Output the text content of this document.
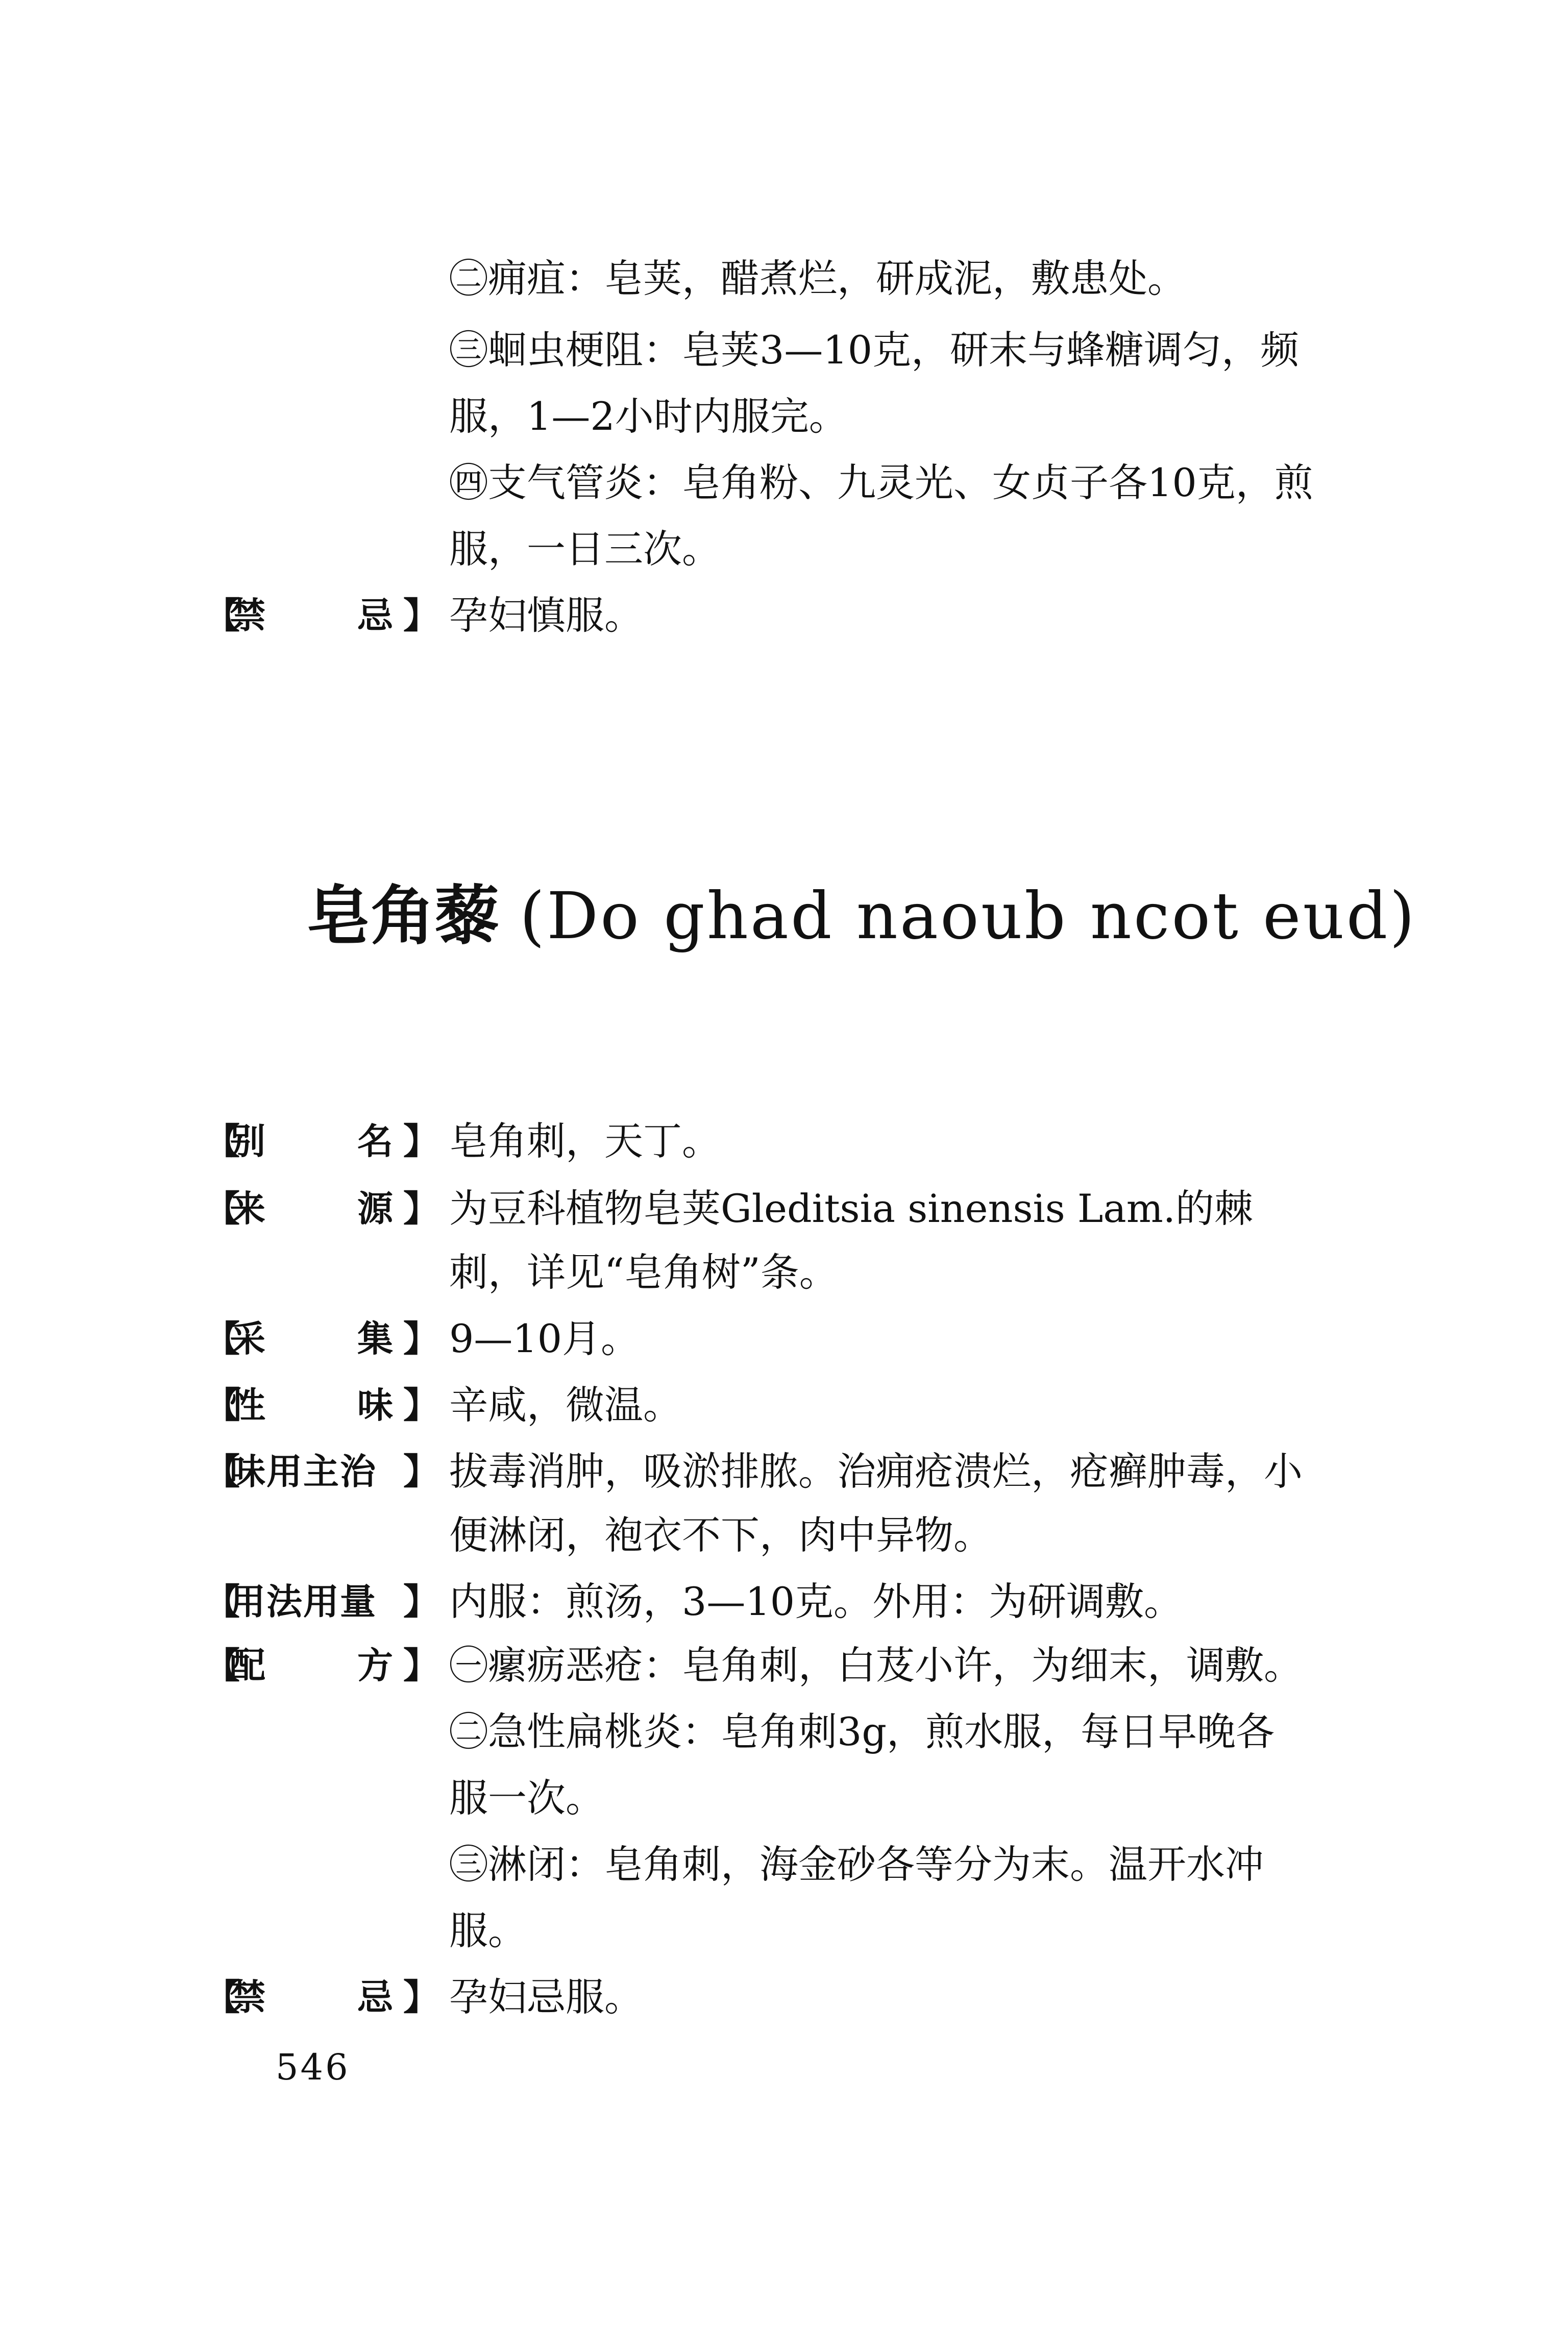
㊁痈疽：皂荚，醋煮烂，研成泥，敷患处。
㊂蛔虫梗阻：皂荚3—10克，研末与蜂糖调匀，频
服，1—2小时内服完。
㊃支气管炎：皂角粉、九灵光、女贞子各10克，煎
服，一日三次。
【
禁	忌 】 孕妇慎服。
皂角藜 (Do ghad naoub ncot eud)
【
别	名 】 皂角刺，天丁。
【
来	源 】 为豆科植物皂荚Gleditsia sinensis Lam.的棘
刺，详见“皂角树”条。
【
采	集 】 9—10月。
【
性	味 】 辛咸，微温。
【
味用主治 】 拔毒消肿，吸淤排脓。治痈疮溃烂，疮癣肿毒，小
便淋闭，袍衣不下，肉中异物。
【
用法用量 】 内服：煎汤，3—10克。外用：为研调敷。
【
配	方 】 ㊀瘰疬恶疮：皂角刺，白芨小许，为细末，调敷。
㊁急性扁桃炎：皂角刺3g，煎水服，每日早晚各
服一次。
㊂淋闭：皂角刺，海金砂各等分为末。温开水冲
服。
【
禁	忌 】 孕妇忌服。
546
